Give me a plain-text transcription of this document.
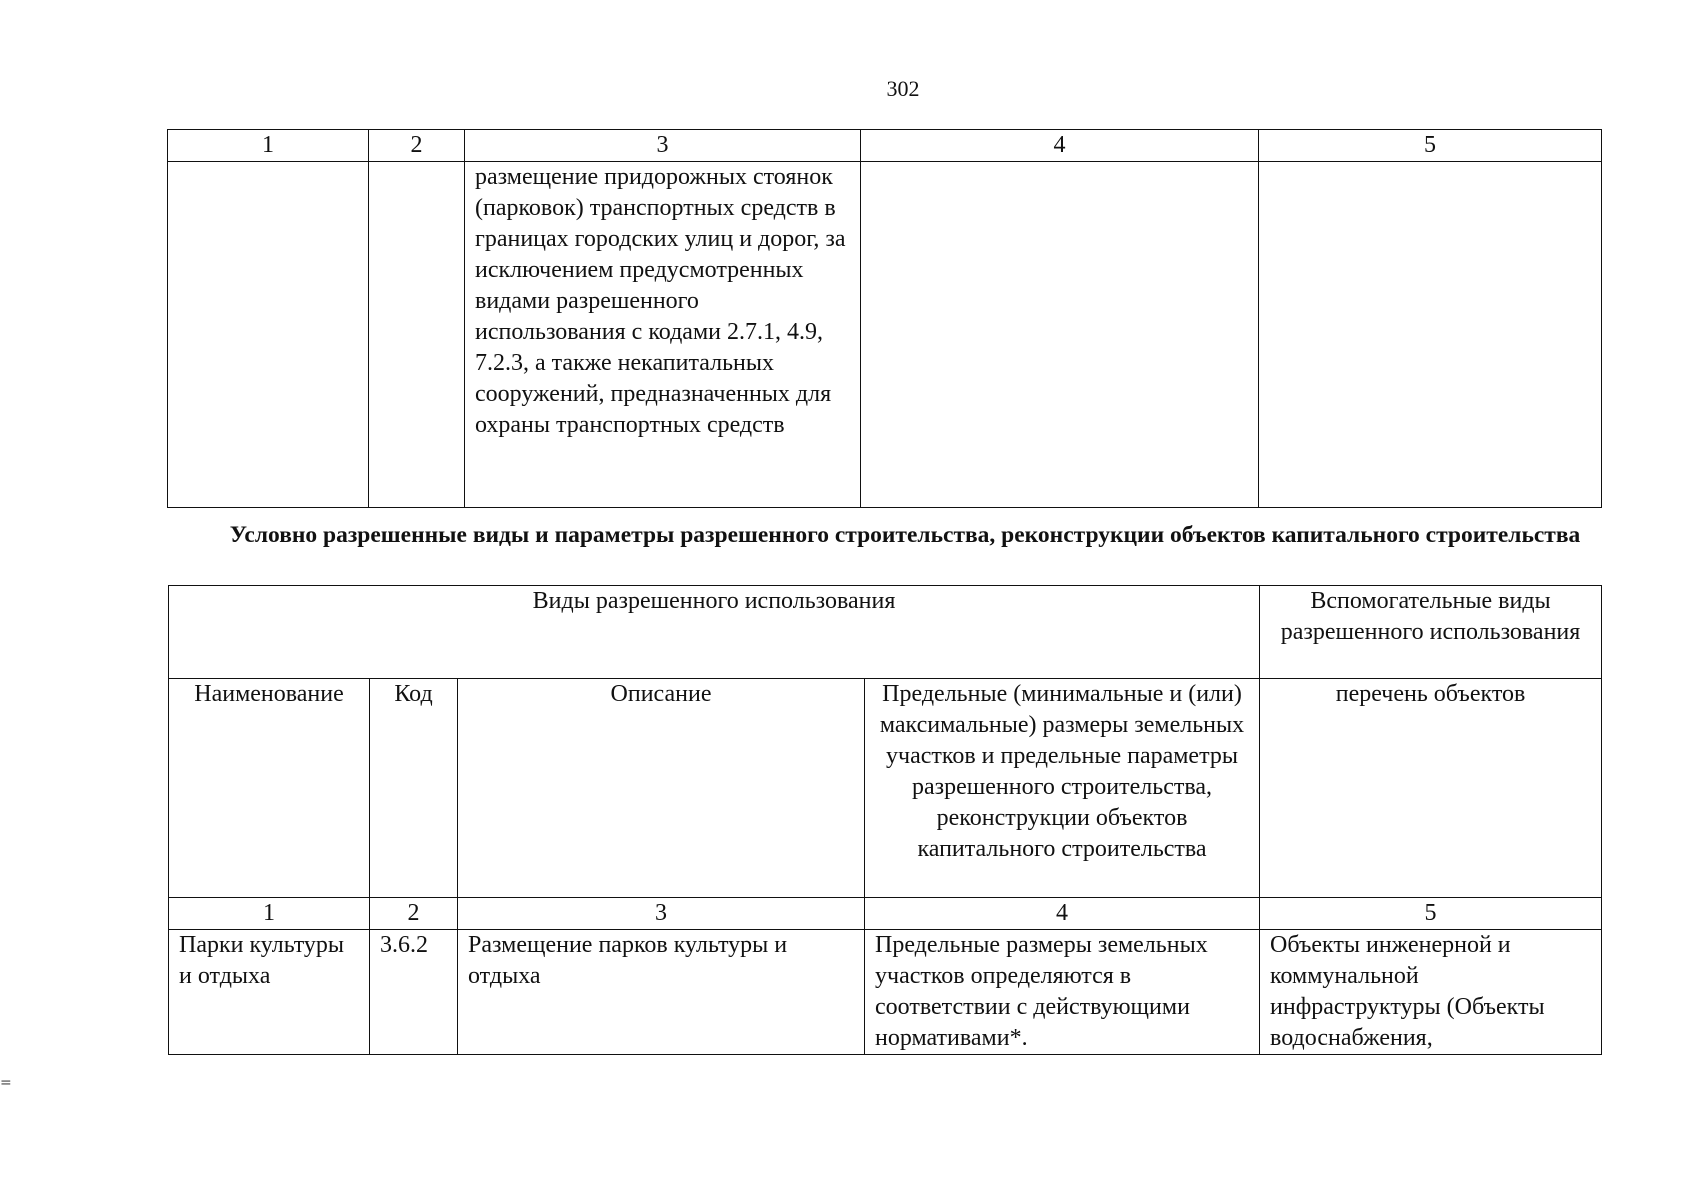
302
1	2	3	4	5
		размещение придорожных стоянок (парковок) транспортных средств в границах городских улиц и дорог, за исключением предусмотренных видами разрешенного использования с кодами 2.7.1, 4.9, 7.2.3, а также некапитальных сооружений, предназначенных для охраны транспортных средств		
Условно разрешенные виды и параметры разрешенного строительства, реконструкции объектов капитального строительства
Виды разрешенного использования				Вспомогательные виды разрешенного использования
Наименование	Код	Описание	Предельные (минимальные и (или) максимальные) размеры земельных участков и предельные параметры разрешенного строительства, реконструкции объектов капитального строительства	перечень объектов
1	2	3	4	5
Парки культуры и отдыха	3.6.2	Размещение парков культуры и отдыха	Предельные размеры земельных участков определяются в соответствии с действующими нормативами*.	Объекты инженерной и коммунальной инфраструктуры (Объекты водоснабжения,
=
